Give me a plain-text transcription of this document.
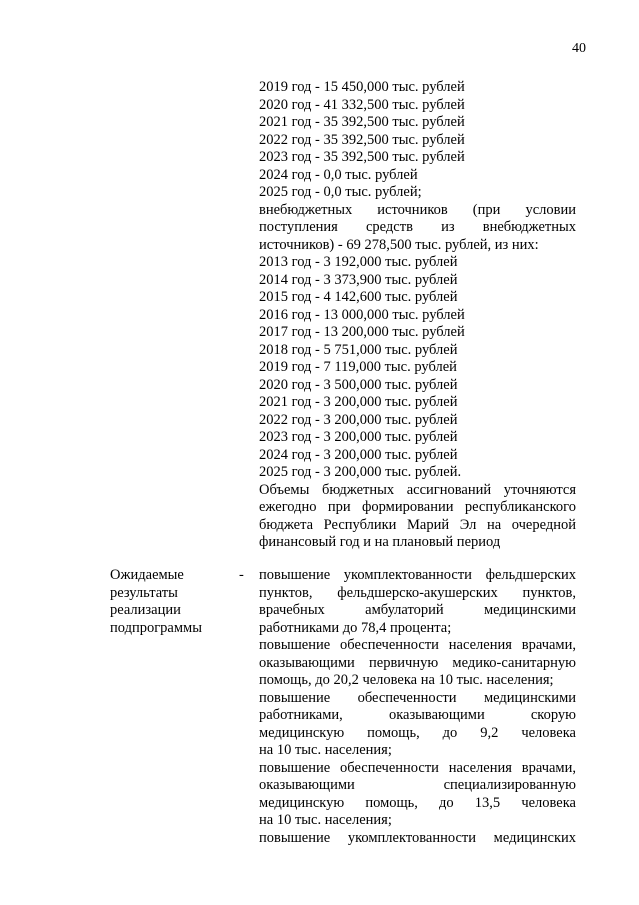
40
2019 год - 15 450,000 тыс. рублей
2020 год - 41 332,500 тыс. рублей
2021 год - 35 392,500 тыс. рублей
2022 год - 35 392,500 тыс. рублей
2023 год - 35 392,500 тыс. рублей
2024 год - 0,0 тыс. рублей
2025 год - 0,0 тыс. рублей;
внебюджетных источников (при условии
поступления средств из внебюджетных
источников) - 69 278,500 тыс. рублей, из них:
2013 год - 3 192,000 тыс. рублей
2014 год - 3 373,900 тыс. рублей
2015 год - 4 142,600 тыс. рублей
2016 год - 13 000,000 тыс. рублей
2017 год - 13 200,000 тыс. рублей
2018 год - 5 751,000 тыс. рублей
2019 год - 7 119,000 тыс. рублей
2020 год - 3 500,000 тыс. рублей
2021 год - 3 200,000 тыс. рублей
2022 год - 3 200,000 тыс. рублей
2023 год - 3 200,000 тыс. рублей
2024 год - 3 200,000 тыс. рублей
2025 год - 3 200,000 тыс. рублей.
Объемы бюджетных ассигнований уточняются
ежегодно при формировании республиканского
бюджета Республики Марий Эл на очередной
финансовый год и на плановый период
Ожидаемые
результаты
реализации
подпрограммы
- повышение укомплектованности фельдшерских
пунктов, фельдшерско-акушерских пунктов,
врачебных амбулаторий медицинскими
работниками до 78,4 процента;
повышение обеспеченности населения врачами,
оказывающими первичную медико-санитарную
помощь, до 20,2 человека на 10 тыс. населения;
повышение обеспеченности медицинскими
работниками, оказывающими скорую
медицинскую помощь, до 9,2 человека
на 10 тыс. населения;
повышение обеспеченности населения врачами,
оказывающими специализированную
медицинскую помощь, до 13,5 человека
на 10 тыс. населения;
повышение укомплектованности медицинских
